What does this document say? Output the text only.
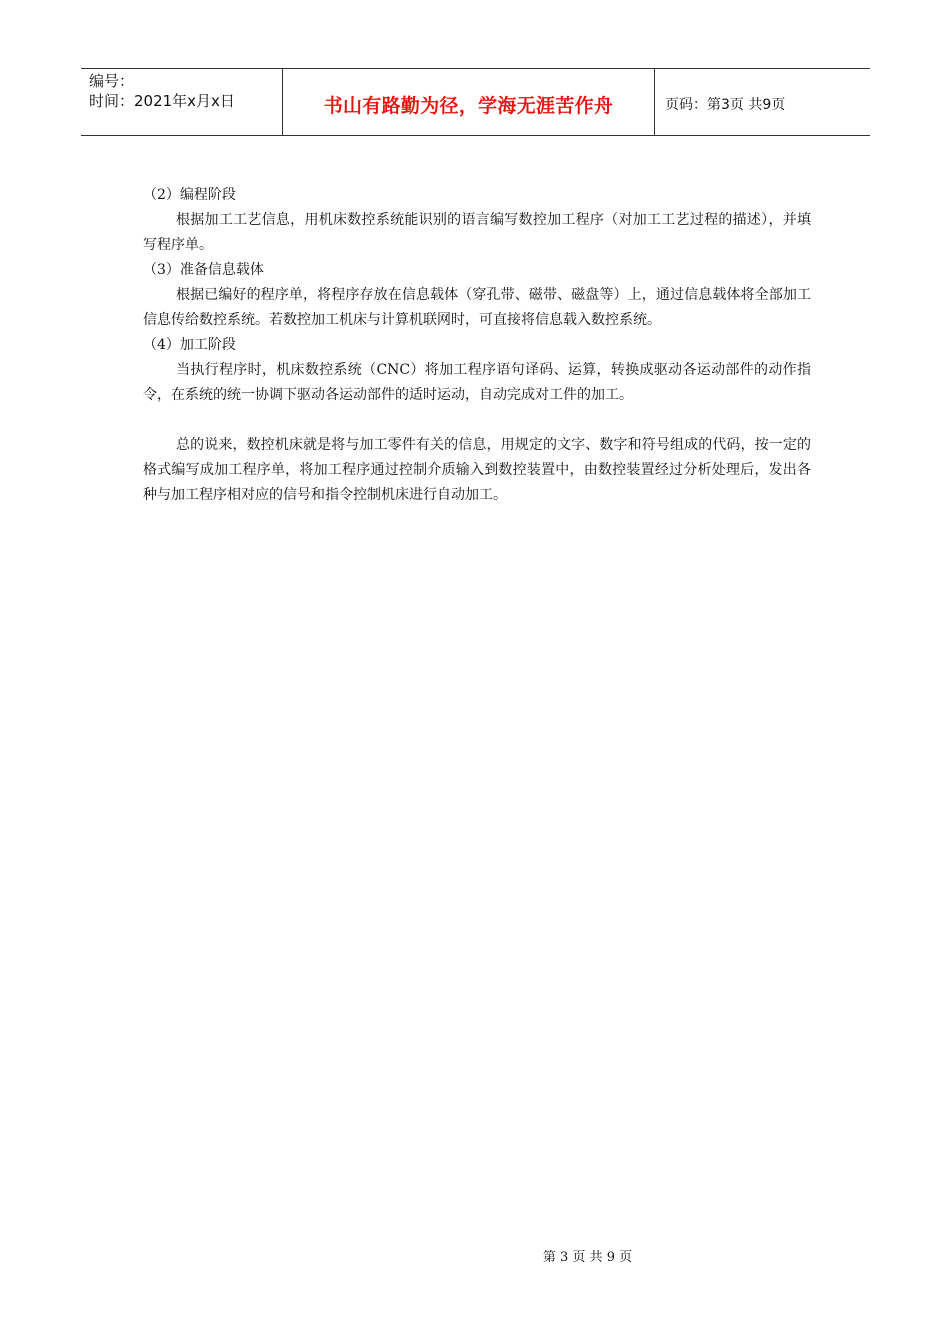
编号：
时间：2021年x月x日	书山有路勤为径，学海无涯苦作舟	页码：第3页 共9页

（2）编程阶段

根据加工工艺信息，用机床数控系统能识别的语言编写数控加工程序（对加工工艺过程的描述），并填写程序单。

（3）准备信息载体

根据已编好的程序单，将程序存放在信息载体（穿孔带、磁带、磁盘等）上，通过信息载体将全部加工信息传给数控系统。若数控加工机床与计算机联网时，可直接将信息载入数控系统。

（4）加工阶段

当执行程序时，机床数控系统（CNC）将加工程序语句译码、运算，转换成驱动各运动部件的动作指令，在系统的统一协调下驱动各运动部件的适时运动，自动完成对工件的加工。

总的说来，数控机床就是将与加工零件有关的信息，用规定的文字、数字和符号组成的代码，按一定的格式编写成加工程序单，将加工程序通过控制介质输入到数控装置中，由数控装置经过分析处理后，发出各种与加工程序相对应的信号和指令控制机床进行自动加工。

第 3 页 共 9 页
